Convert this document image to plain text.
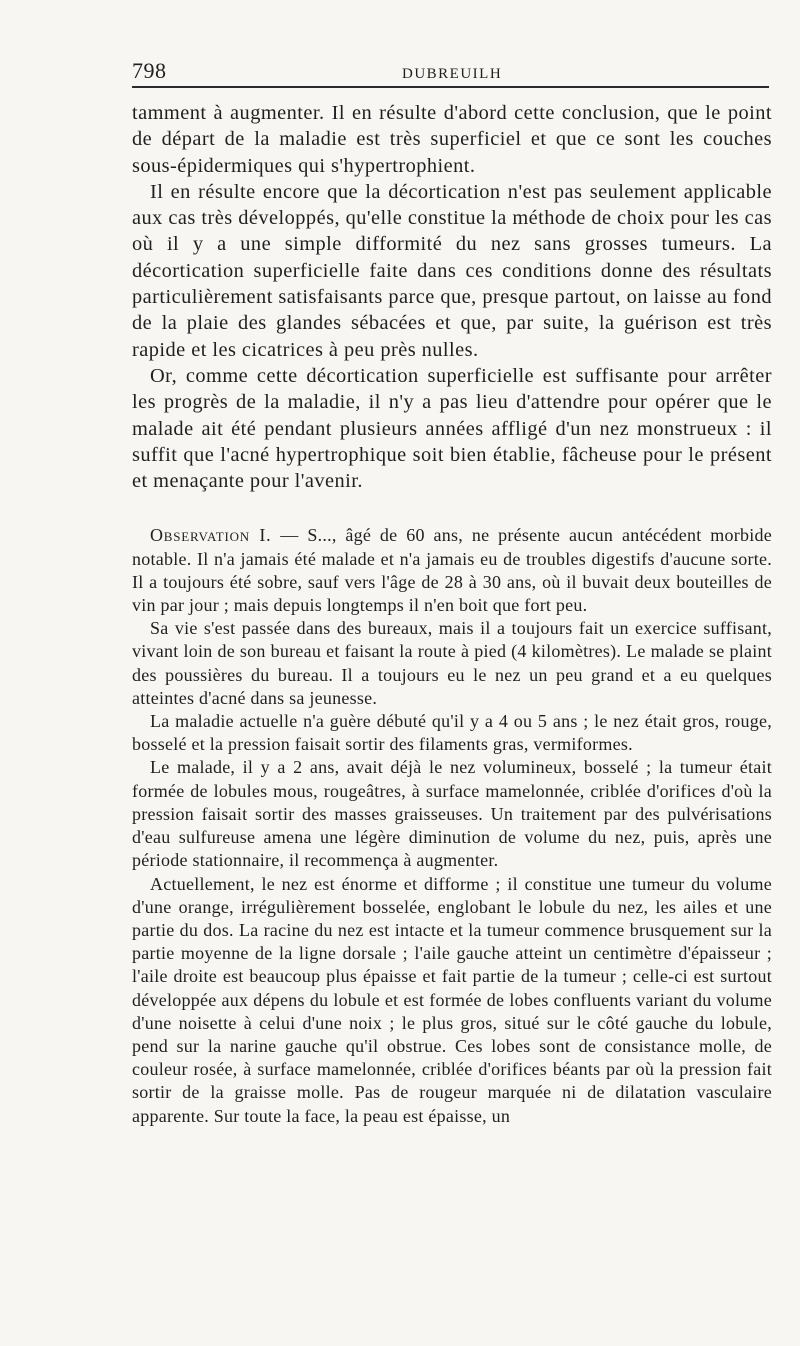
798	DUBREUILH

tamment à augmenter. Il en résulte d'abord cette conclusion, que le point de départ de la maladie est très superficiel et que ce sont les couches sous-épidermiques qui s'hypertrophient.

Il en résulte encore que la décortication n'est pas seulement applicable aux cas très développés, qu'elle constitue la méthode de choix pour les cas où il y a une simple difformité du nez sans grosses tumeurs. La décortication superficielle faite dans ces conditions donne des résultats particulièrement satisfaisants parce que, presque partout, on laisse au fond de la plaie des glandes sébacées et que, par suite, la guérison est très rapide et les cicatrices à peu près nulles.

Or, comme cette décortication superficielle est suffisante pour arrêter les progrès de la maladie, il n'y a pas lieu d'attendre pour opérer que le malade ait été pendant plusieurs années affligé d'un nez monstrueux : il suffit que l'acné hypertrophique soit bien établie, fâcheuse pour le présent et menaçante pour l'avenir.

Observation I. — S..., âgé de 60 ans, ne présente aucun antécédent morbide notable. Il n'a jamais été malade et n'a jamais eu de troubles digestifs d'aucune sorte. Il a toujours été sobre, sauf vers l'âge de 28 à 30 ans, où il buvait deux bouteilles de vin par jour ; mais depuis longtemps il n'en boit que fort peu.

Sa vie s'est passée dans des bureaux, mais il a toujours fait un exercice suffisant, vivant loin de son bureau et faisant la route à pied (4 kilomètres). Le malade se plaint des poussières du bureau. Il a toujours eu le nez un peu grand et a eu quelques atteintes d'acné dans sa jeunesse.

La maladie actuelle n'a guère débuté qu'il y a 4 ou 5 ans ; le nez était gros, rouge, bosselé et la pression faisait sortir des filaments gras, vermiformes.

Le malade, il y a 2 ans, avait déjà le nez volumineux, bosselé ; la tumeur était formée de lobules mous, rougeâtres, à surface mamelonnée, criblée d'orifices d'où la pression faisait sortir des masses graisseuses. Un traitement par des pulvérisations d'eau sulfureuse amena une légère diminution de volume du nez, puis, après une période stationnaire, il recommença à augmenter.

Actuellement, le nez est énorme et difforme ; il constitue une tumeur du volume d'une orange, irrégulièrement bosselée, englobant le lobule du nez, les ailes et une partie du dos. La racine du nez est intacte et la tumeur commence brusquement sur la partie moyenne de la ligne dorsale ; l'aile gauche atteint un centimètre d'épaisseur ; l'aile droite est beaucoup plus épaisse et fait partie de la tumeur ; celle-ci est surtout développée aux dépens du lobule et est formée de lobes confluents variant du volume d'une noisette à celui d'une noix ; le plus gros, situé sur le côté gauche du lobule, pend sur la narine gauche qu'il obstrue. Ces lobes sont de consistance molle, de couleur rosée, à surface mamelonnée, criblée d'orifices béants par où la pression fait sortir de la graisse molle. Pas de rougeur marquée ni de dilatation vasculaire apparente. Sur toute la face, la peau est épaisse, un
